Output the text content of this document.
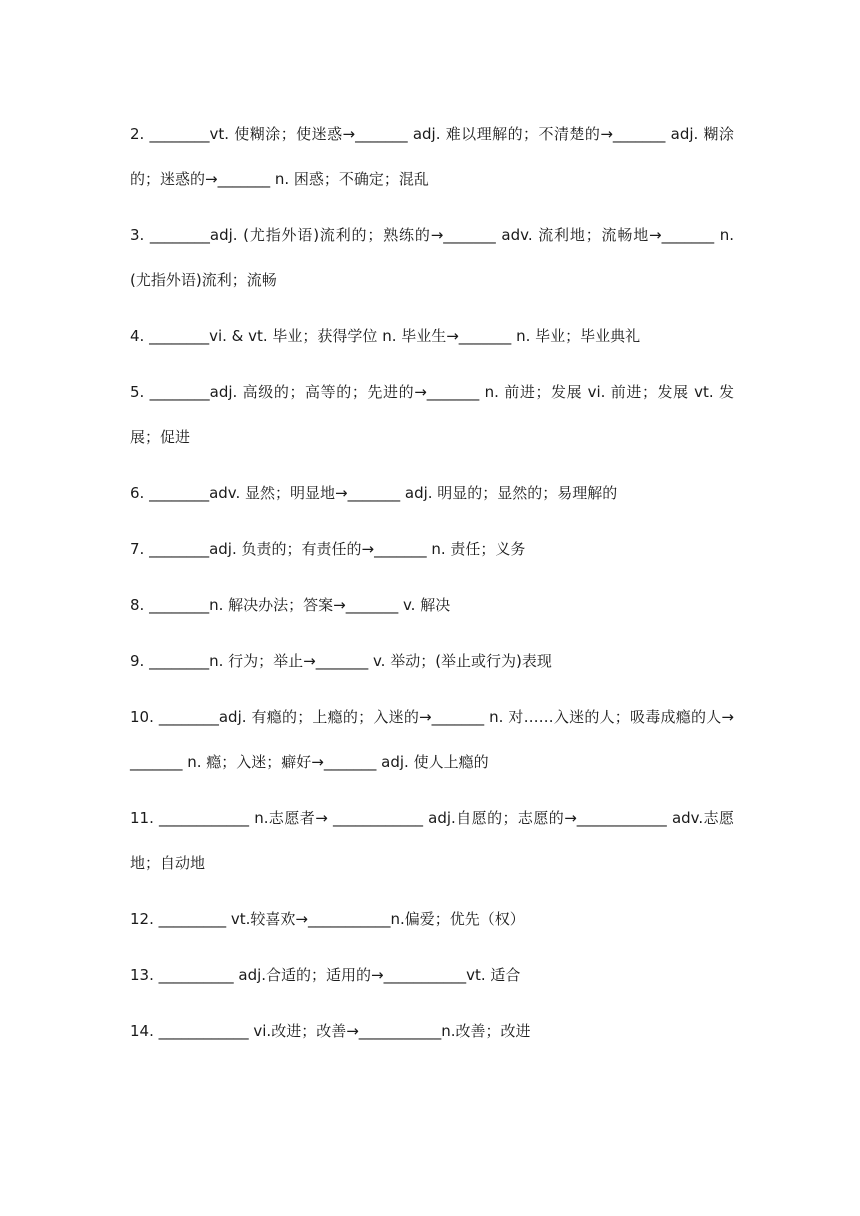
2. ________vt. 使糊涂；使迷惑→_______ adj. 难以理解的；不清楚的→_______ adj. 糊涂的；迷惑的→_______ n. 困惑；不确定；混乱

3. ________adj. (尤指外语)流利的；熟练的→_______ adv. 流利地；流畅地→_______ n. (尤指外语)流利；流畅

4. ________vi. & vt. 毕业；获得学位 n. 毕业生→_______ n. 毕业；毕业典礼

5. ________adj. 高级的；高等的；先进的→_______ n. 前进；发展 vi. 前进；发展 vt. 发展；促进

6. ________adv. 显然；明显地→_______ adj. 明显的；显然的；易理解的

7. ________adj. 负责的；有责任的→_______ n. 责任；义务

8. ________n. 解决办法；答案→_______ v. 解决

9. ________n. 行为；举止→_______ v. 举动；(举止或行为)表现

10. ________adj. 有瘾的；上瘾的；入迷的→_______ n. 对……入迷的人；吸毒成瘾的人→_______ n. 瘾；入迷；癖好→_______ adj. 使人上瘾的

11. ____________ n.志愿者→ ____________ adj.自愿的；志愿的→____________ adv.志愿地；自动地

12. _________ vt.较喜欢→___________n.偏爱；优先（权）

13. __________ adj.合适的；适用的→___________vt. 适合

14. ____________ vi.改进；改善→___________n.改善；改进
